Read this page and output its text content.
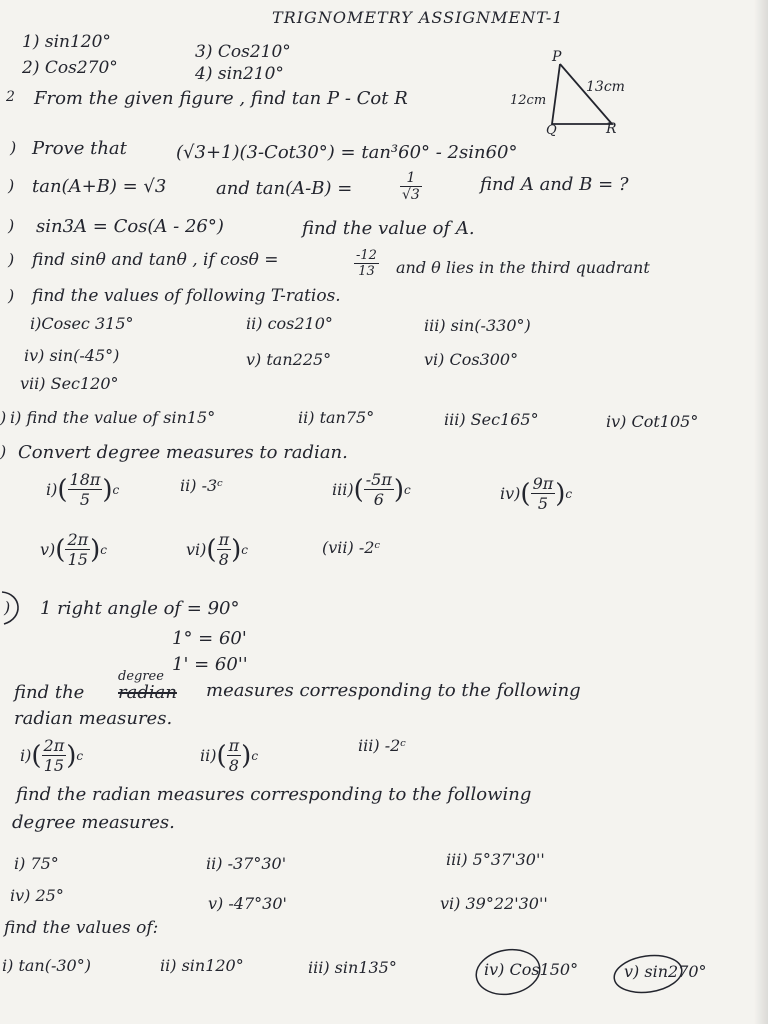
TRIGNOMETRY ASSIGNMENT-1
1) sin120°
2) Cos270°
3) Cos210°
4) sin210°
2 From the given figure , find tan P - Cot R
P
Q	R
12cm
13cm
) Prove that	(√3+1)(3-Cot30°) = tan³60° - 2sin60°
) tan(A+B) = √3	and tan(A-B) =	$\frac{1}{√3}$	find A and B = ?
) sin3A = Cos(A - 26°)	find the value of A.
) find sinθ and tanθ , if cosθ =	$\frac{-12}{13}$ and θ lies in the third quadrant
) find the values of following T-ratios.
i)Cosec 315°	ii) cos210°	iii) sin(-330°)
iv) sin(-45°)	v) tan225°	vi) Cos300°
vii) Sec120°
) i) find the value of sin15°	ii) tan75°	iii) Sec165°	iv) Cot105°
) Convert degree measures to radian.
i) ( $\frac{18\pi}{5}$ ) c	ii) -3ᶜ	iii) ( $\frac{-5\pi}{6}$ ) c	iv) ( $\frac{9\pi}{5}$ ) c
v) ( $\frac{2\pi}{15}$ ) c	vi) ( $\frac{\pi}{8}$ ) c	(vii) -2ᶜ
) 1 right angle of = 90°
1° = 60'
1' = 60''
degree
find the radian measures corresponding to the following
radian measures.
i) ( $\frac{2\pi}{15}$ ) c	ii) ( $\frac{\pi}{8}$ ) c
iii) -2ᶜ
find the radian measures corresponding to the following
degree measures.
i) 75°	ii) -37°30'	iii) 5°37'30''
iv) 25°	v) -47°30'	vi) 39°22'30''
find the values of:
i) tan(-30°)	ii) sin120°	iii) sin135°	iv) Cos150°	v) sin270°
